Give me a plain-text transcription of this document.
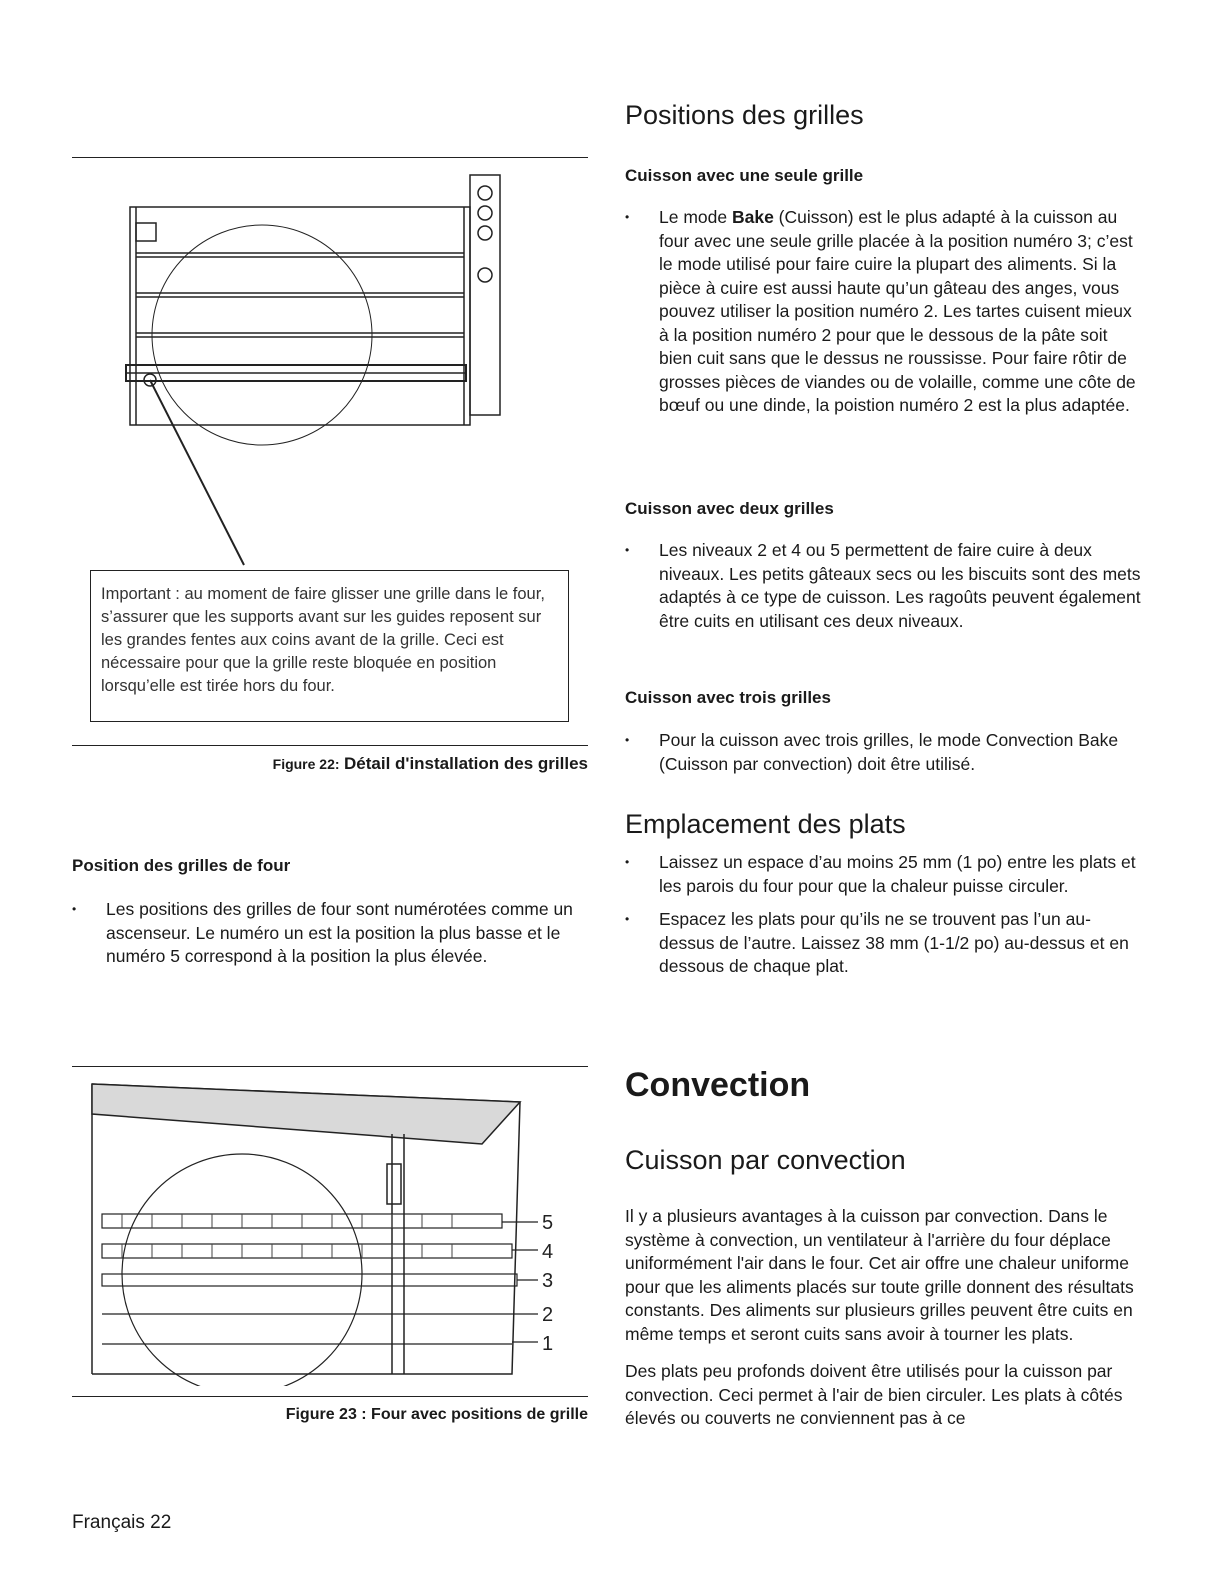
Important : au moment de faire glisser une grille dans le four, s’assurer que les supports avant sur les guides reposent sur les grandes fentes aux coins avant de la grille. Ceci est nécessaire pour que la grille reste bloquée en position lorsqu’elle est tirée hors du four.
Figure 22: Détail d'installation des grilles
Position des grilles de four
• Les positions des grilles de four sont numérotées comme un ascenseur. Le numéro un est la position la plus basse et le numéro 5 correspond à la position la plus élevée.
5
4
3
2
1
Figure 23 : Four avec positions de grille
Positions des grilles
Cuisson avec une seule grille
• Le mode Bake (Cuisson) est le plus adapté à la cuisson au four avec une seule grille placée à la position numéro 3; c’est le mode utilisé pour faire cuire la plupart des aliments. Si la pièce à cuire est aussi haute qu’un gâteau des anges, vous pouvez utiliser la position numéro 2. Les tartes cuisent mieux à la position numéro 2 pour que le dessous de la pâte soit bien cuit sans que le dessus ne roussisse. Pour faire rôtir de grosses pièces de viandes ou de volaille, comme une côte de bœuf ou une dinde, la poistion numéro 2 est la plus adaptée.
Cuisson avec deux grilles
• Les niveaux 2 et 4 ou 5 permettent de faire cuire à deux niveaux. Les petits gâteaux secs ou les biscuits sont des mets adaptés à ce type de cuisson. Les ragoûts peuvent également être cuits en utilisant ces deux niveaux.
Cuisson avec trois grilles
• Pour la cuisson avec trois grilles, le mode Convection Bake (Cuisson par convection) doit être utilisé.
Emplacement des plats
• Laissez un espace d’au moins 25 mm (1 po) entre les plats et les parois du four pour que la chaleur puisse circuler.
• Espacez les plats pour qu’ils ne se trouvent pas l’un au-dessus de l’autre. Laissez 38 mm (1-1/2 po) au-dessus et en dessous de chaque plat.
Convection
Cuisson par convection

Il y a plusieurs avantages à la cuisson par convection. Dans le système à convection, un ventilateur à l'arrière du four déplace uniformément l'air dans le four. Cet air offre une chaleur uniforme pour que les aliments placés sur toute grille donnent des résultats constants. Des aliments sur plusieurs grilles peuvent être cuits en même temps et seront cuits sans avoir à tourner les plats.

Des plats peu profonds doivent être utilisés pour la cuisson par convection. Ceci permet à l'air de bien circuler. Les plats à côtés élevés ou couverts ne conviennent pas à ce

Français 22
